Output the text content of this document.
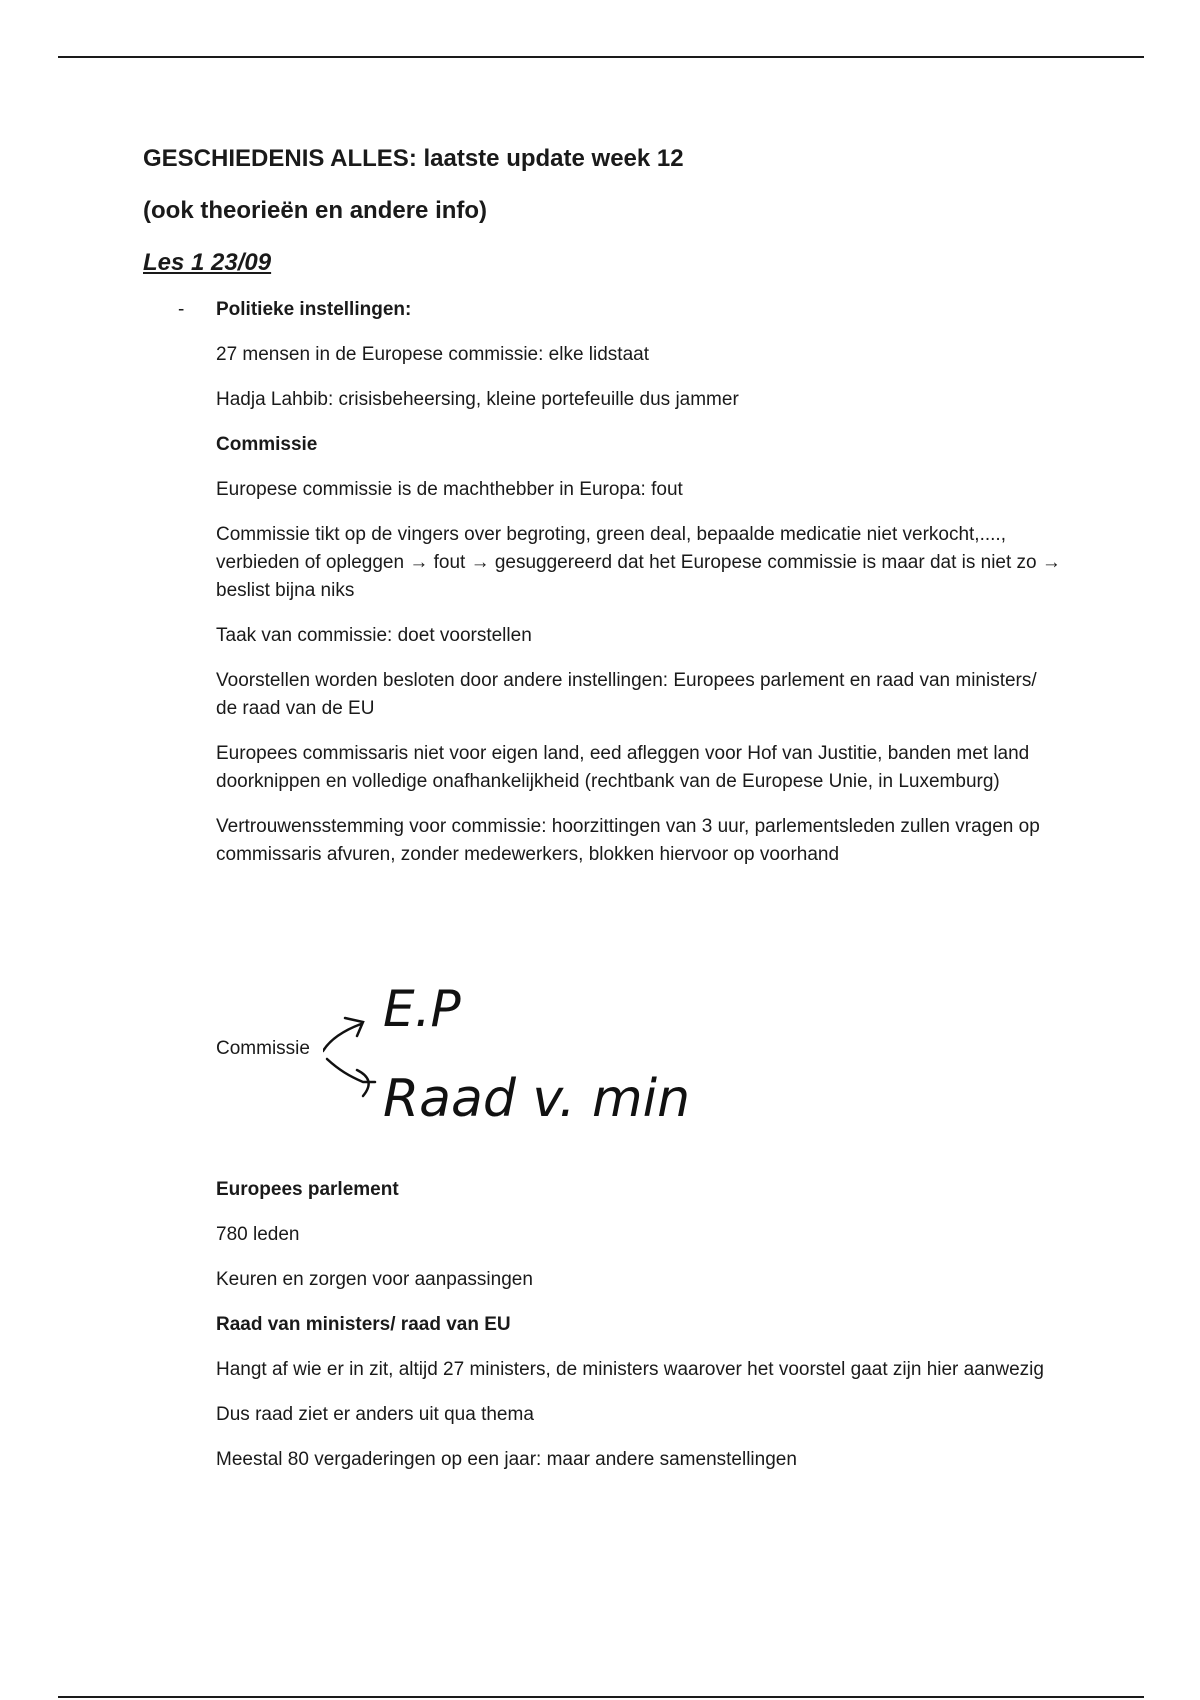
GESCHIEDENIS ALLES: laatste update week 12
(ook theorieën en andere info)
Les 1 23/09
- Politieke instellingen:
27 mensen in de Europese commissie: elke lidstaat
Hadja Lahbib: crisisbeheersing, kleine portefeuille dus jammer
Commissie
Europese commissie is de machthebber in Europa: fout
Commissie tikt op de vingers over begroting, green deal, bepaalde medicatie niet verkocht,...., verbieden of opleggen → fout → gesuggereerd dat het Europese commissie is maar dat is niet zo → beslist bijna niks
Taak van commissie: doet voorstellen
Voorstellen worden besloten door andere instellingen: Europees parlement en raad van ministers/ de raad van de EU
Europees commissaris niet voor eigen land, eed afleggen voor Hof van Justitie, banden met land doorknippen en volledige onafhankelijkheid (rechtbank van de Europese Unie, in Luxemburg)
Vertrouwensstemming voor commissie: hoorzittingen van 3 uur, parlementsleden zullen vragen op commissaris afvuren, zonder medewerkers, blokken hiervoor op voorhand
Commissie
E.P
Raad v. min
Europees parlement
780 leden
Keuren en zorgen voor aanpassingen
Raad van ministers/ raad van EU
Hangt af wie er in zit, altijd 27 ministers, de ministers waarover het voorstel gaat zijn hier aanwezig
Dus raad ziet er anders uit qua thema
Meestal 80 vergaderingen op een jaar: maar andere samenstellingen
